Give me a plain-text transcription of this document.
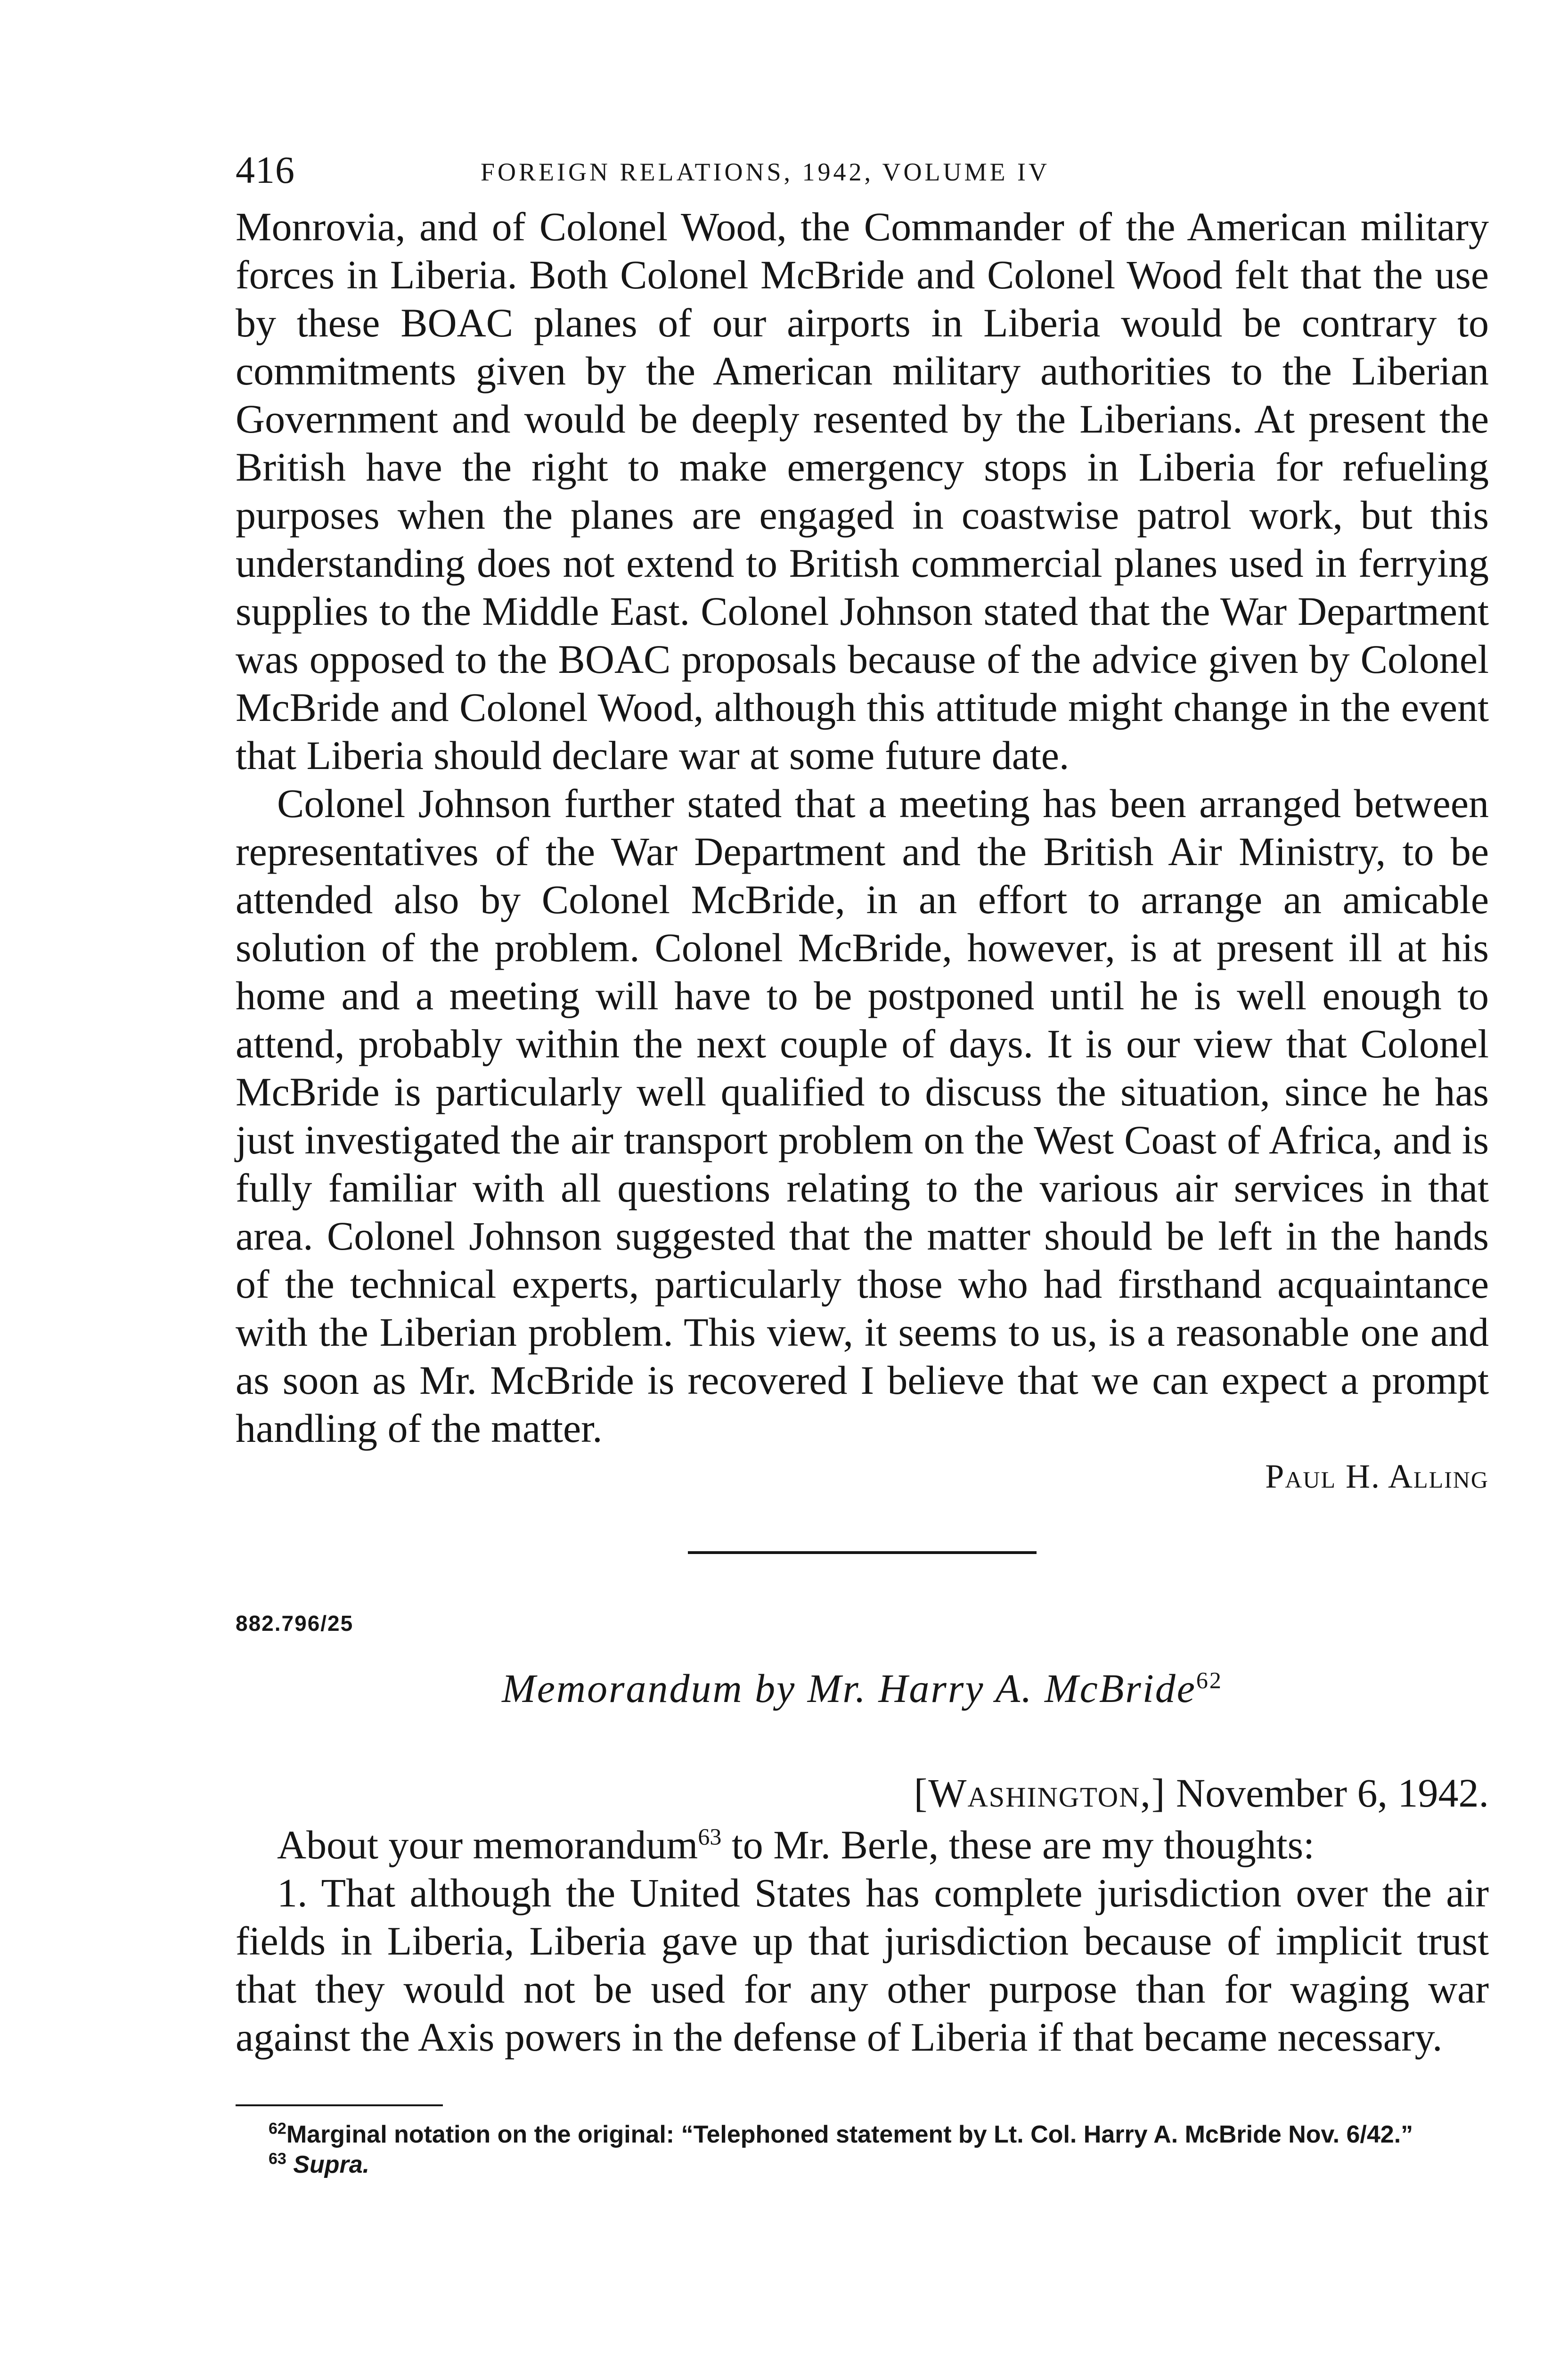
416	FOREIGN RELATIONS, 1942, VOLUME IV

Monrovia, and of Colonel Wood, the Commander of the American military forces in Liberia. Both Colonel McBride and Colonel Wood felt that the use by these BOAC planes of our airports in Liberia would be contrary to commitments given by the American military authorities to the Liberian Government and would be deeply resented by the Liberians. At present the British have the right to make emergency stops in Liberia for refueling purposes when the planes are engaged in coastwise patrol work, but this understanding does not extend to British commercial planes used in ferrying supplies to the Middle East. Colonel Johnson stated that the War Department was opposed to the BOAC proposals because of the advice given by Colonel McBride and Colonel Wood, although this attitude might change in the event that Liberia should declare war at some future date.

Colonel Johnson further stated that a meeting has been arranged between representatives of the War Department and the British Air Ministry, to be attended also by Colonel McBride, in an effort to arrange an amicable solution of the problem. Colonel McBride, however, is at present ill at his home and a meeting will have to be postponed until he is well enough to attend, probably within the next couple of days. It is our view that Colonel McBride is particularly well qualified to discuss the situation, since he has just investigated the air transport problem on the West Coast of Africa, and is fully familiar with all questions relating to the various air services in that area. Colonel Johnson suggested that the matter should be left in the hands of the technical experts, particularly those who had firsthand acquaintance with the Liberian problem. This view, it seems to us, is a reasonable one and as soon as Mr. McBride is recovered I believe that we can expect a prompt handling of the matter.

Paul H. Alling
882.796/25
Memorandum by Mr. Harry A. McBride$^{62}$
[Washington,] November 6, 1942.

About your memorandum$^{63}$ to Mr. Berle, these are my thoughts:

1. That although the United States has complete jurisdiction over the air fields in Liberia, Liberia gave up that jurisdiction because of implicit trust that they would not be used for any other purpose than for waging war against the Axis powers in the defense of Liberia if that became necessary.

$^{62}$Marginal notation on the original: “Telephoned statement by Lt. Col. Harry A. McBride Nov. 6/42.”

$^{63}$ Supra.
